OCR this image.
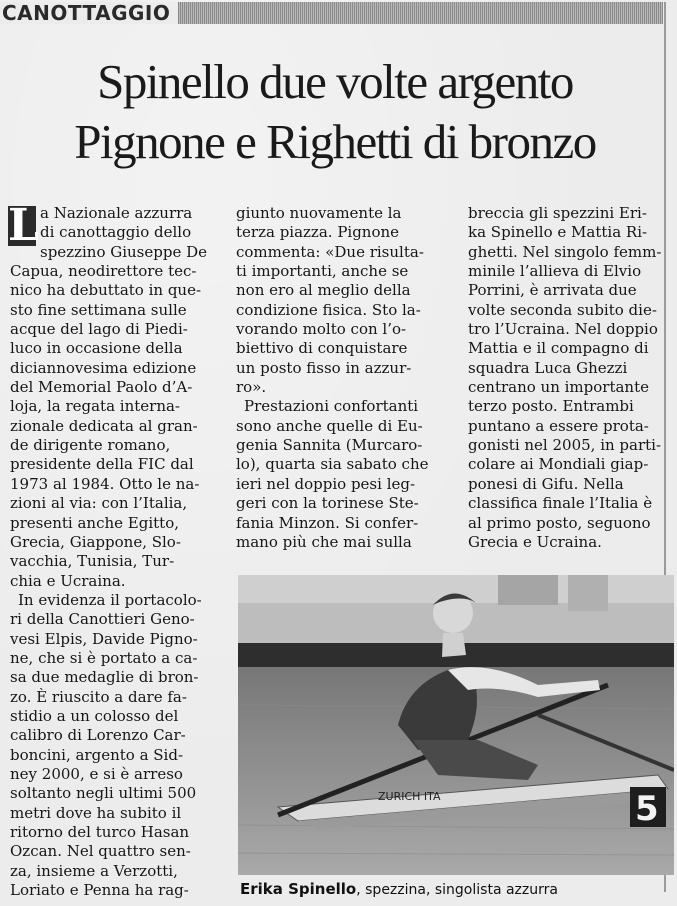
CANOTTAGGIO
Spinello due volte argento
Pignone e Righetti di bronzo
L a Nazionale azzurra
di canottaggio dello
spezzino Giuseppe De
Capua, neodirettore tec-
nico ha debuttato in que-
sto fine settimana sulle
acque del lago di Piedi-
luco in occasione della
diciannovesima edizione
del Memorial Paolo d’A-
loja, la regata interna-
zionale dedicata al gran-
de dirigente romano,
presidente della FIC dal
1973 al 1984. Otto le na-
zioni al via: con l’Italia,
presenti anche Egitto,
Grecia, Giappone, Slo-
vacchia, Tunisia, Tur-
chia e Ucraina.
In evidenza il portacolo-
ri della Canottieri Geno-
vesi Elpis, Davide Pigno-
ne, che si è portato a ca-
sa due medaglie di bron-
zo. È riuscito a dare fa-
stidio a un colosso del
calibro di Lorenzo Car-
boncini, argento a Sid-
ney 2000, e si è arreso
soltanto negli ultimi 500
metri dove ha subito il
ritorno del turco Hasan
Ozcan. Nel quattro sen-
za, insieme a Verzotti,
Loriato e Penna ha rag-
giunto nuovamente la
terza piazza. Pignone
commenta: «Due risulta-
ti importanti, anche se
non ero al meglio della
condizione fisica. Sto la-
vorando molto con l’o-
biettivo di conquistare
un posto fisso in azzur-
ro».
Prestazioni confortanti
sono anche quelle di Eu-
genia Sannita (Murcaro-
lo), quarta sia sabato che
ieri nel doppio pesi leg-
geri con la torinese Ste-
fania Minzon. Si confer-
mano più che mai sulla
breccia gli spezzini Eri-
ka Spinello e Mattia Ri-
ghetti. Nel singolo femm-
minile l’allieva di Elvio
Porrini, è arrivata due
volte seconda subito die-
tro l’Ucraina. Nel doppio
Mattia e il compagno di
squadra Luca Ghezzi
centrano un importante
terzo posto. Entrambi
puntano a essere prota-
gonisti nel 2005, in parti-
colare ai Mondiali giap-
ponesi di Gifu. Nella
classifica finale l’Italia è
al primo posto, seguono
Grecia e Ucraina.
ZURICH ITA	5
Erika Spinello, spezzina, singolista azzurra
